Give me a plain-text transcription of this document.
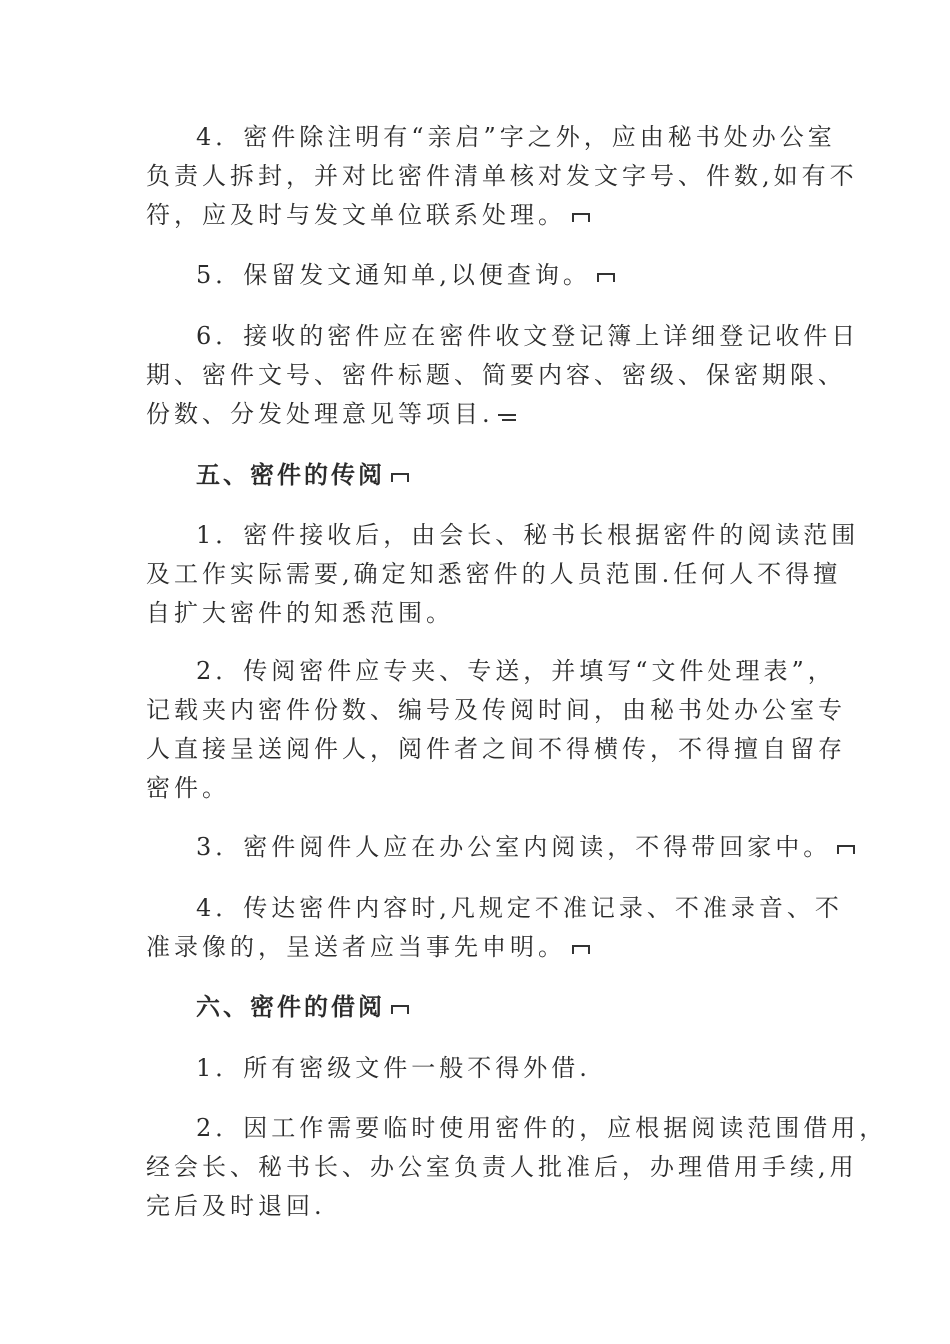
4．密件除注明有“亲启”字之外，应由秘书处办公室
负责人拆封，并对比密件清单核对发文字号、件数,如有不
符，应及时与发文单位联系处理。
5．保留发文通知单,以便查询。
6．接收的密件应在密件收文登记簿上详细登记收件日
期、密件文号、密件标题、简要内容、密级、保密期限、
份数、分发处理意见等项目.
五、密件的传阅
1．密件接收后，由会长、秘书长根据密件的阅读范围
及工作实际需要,确定知悉密件的人员范围.任何人不得擅
自扩大密件的知悉范围。
2．传阅密件应专夹、专送，并填写“文件处理表”，
记载夹内密件份数、编号及传阅时间，由秘书处办公室专
人直接呈送阅件人，阅件者之间不得横传，不得擅自留存
密件。
3．密件阅件人应在办公室内阅读，不得带回家中。
4．传达密件内容时,凡规定不准记录、不准录音、不
准录像的，呈送者应当事先申明。
六、密件的借阅
1．所有密级文件一般不得外借.
2．因工作需要临时使用密件的，应根据阅读范围借用，
经会长、秘书长、办公室负责人批准后，办理借用手续,用
完后及时退回.
